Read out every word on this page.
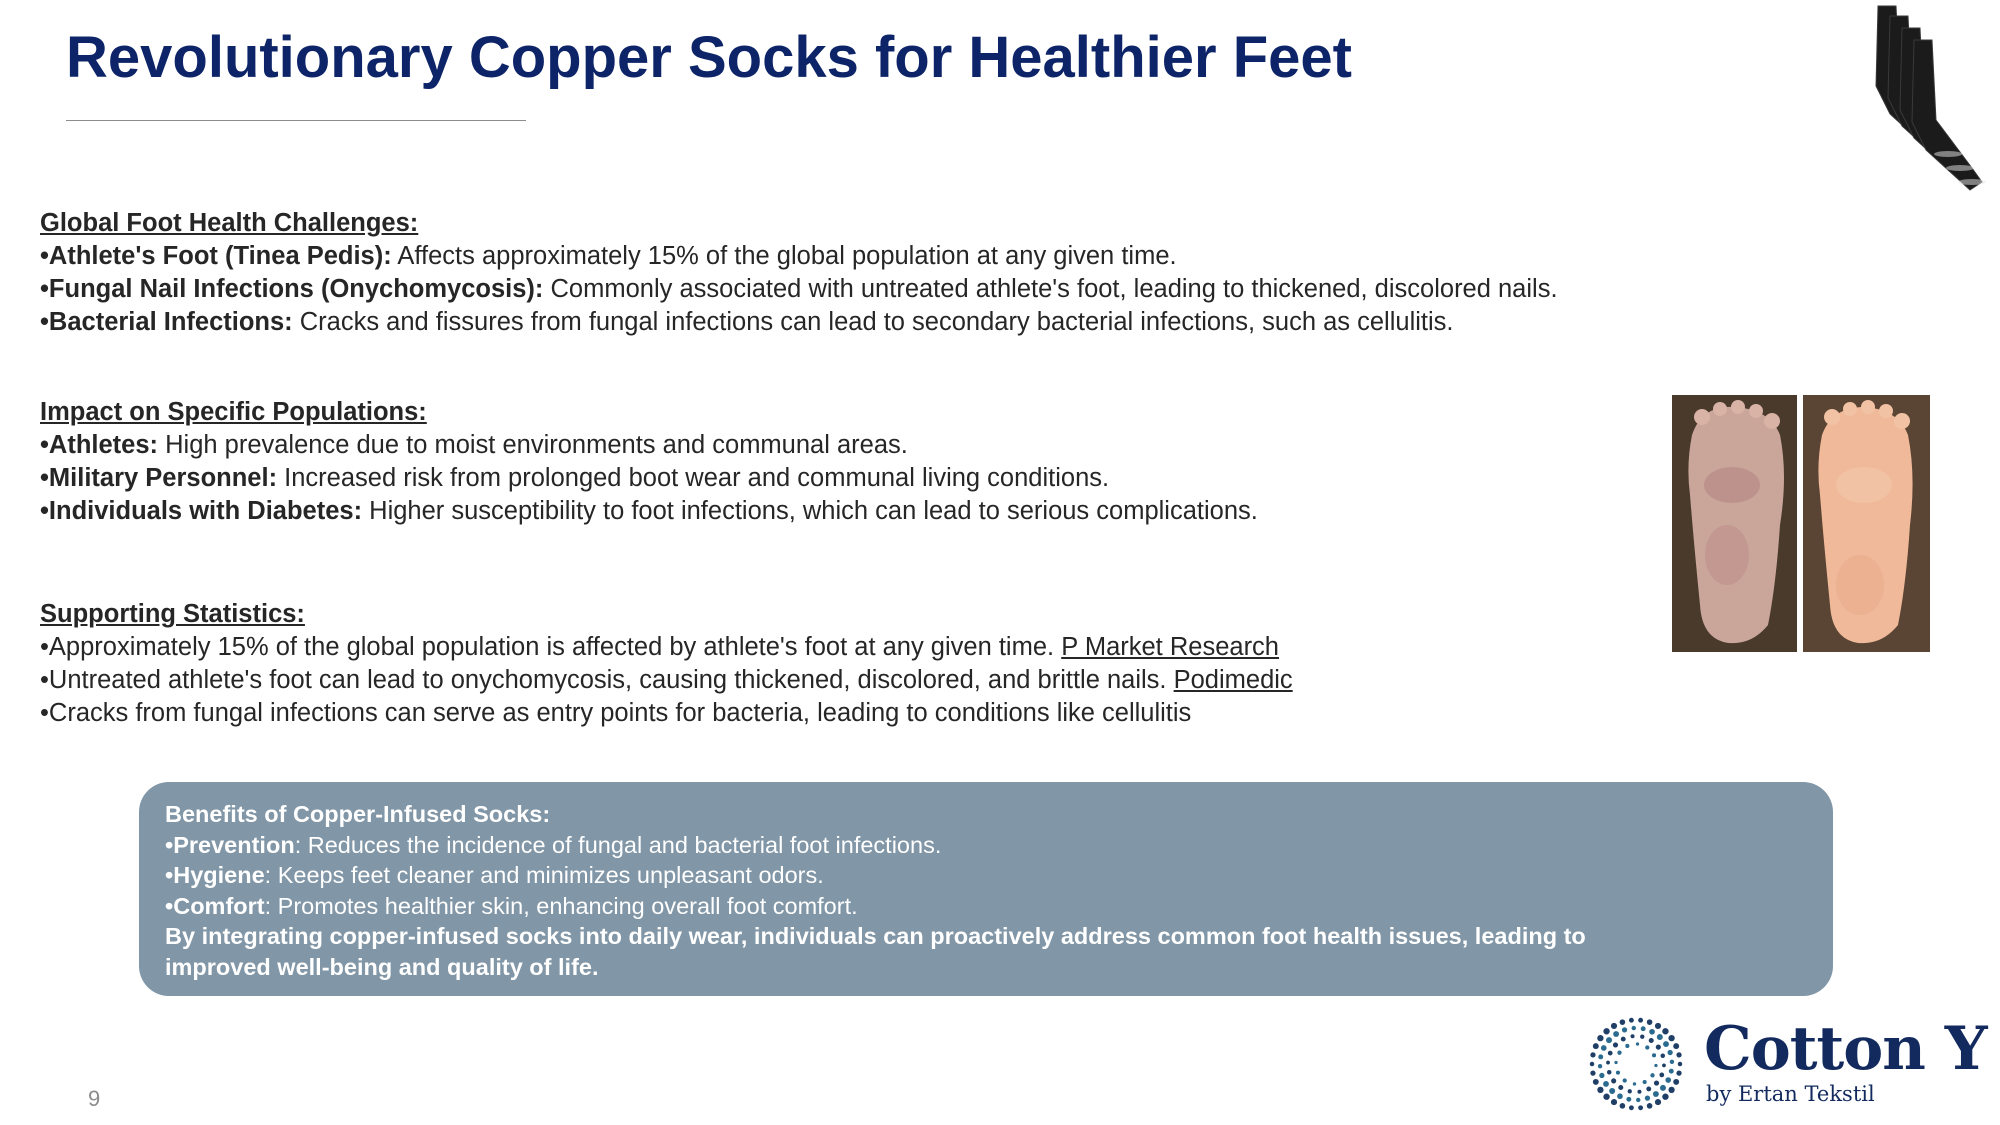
Revolutionary Copper Socks for Healthier Feet
Global Foot Health Challenges:
•Athlete's Foot (Tinea Pedis): Affects approximately 15% of the global population at any given time.
•Fungal Nail Infections (Onychomycosis): Commonly associated with untreated athlete's foot, leading to thickened, discolored nails.
•Bacterial Infections: Cracks and fissures from fungal infections can lead to secondary bacterial infections, such as cellulitis.
Impact on Specific Populations:
•Athletes: High prevalence due to moist environments and communal areas.
•Military Personnel: Increased risk from prolonged boot wear and communal living conditions.
•Individuals with Diabetes: Higher susceptibility to foot infections, which can lead to serious complications.
Supporting Statistics:
•Approximately 15% of the global population is affected by athlete's foot at any given time. P Market Research
•Untreated athlete's foot can lead to onychomycosis, causing thickened, discolored, and brittle nails. Podimedic
•Cracks from fungal infections can serve as entry points for bacteria, leading to conditions like cellulitis
Benefits of Copper-Infused Socks:
•Prevention: Reduces the incidence of fungal and bacterial foot infections.
•Hygiene: Keeps feet cleaner and minimizes unpleasant odors.
•Comfort: Promotes healthier skin, enhancing overall foot comfort.
By integrating copper-infused socks into daily wear, individuals can proactively address common foot health issues, leading to
improved well-being and quality of life.
Cotton Y
by Ertan Tekstil
9
